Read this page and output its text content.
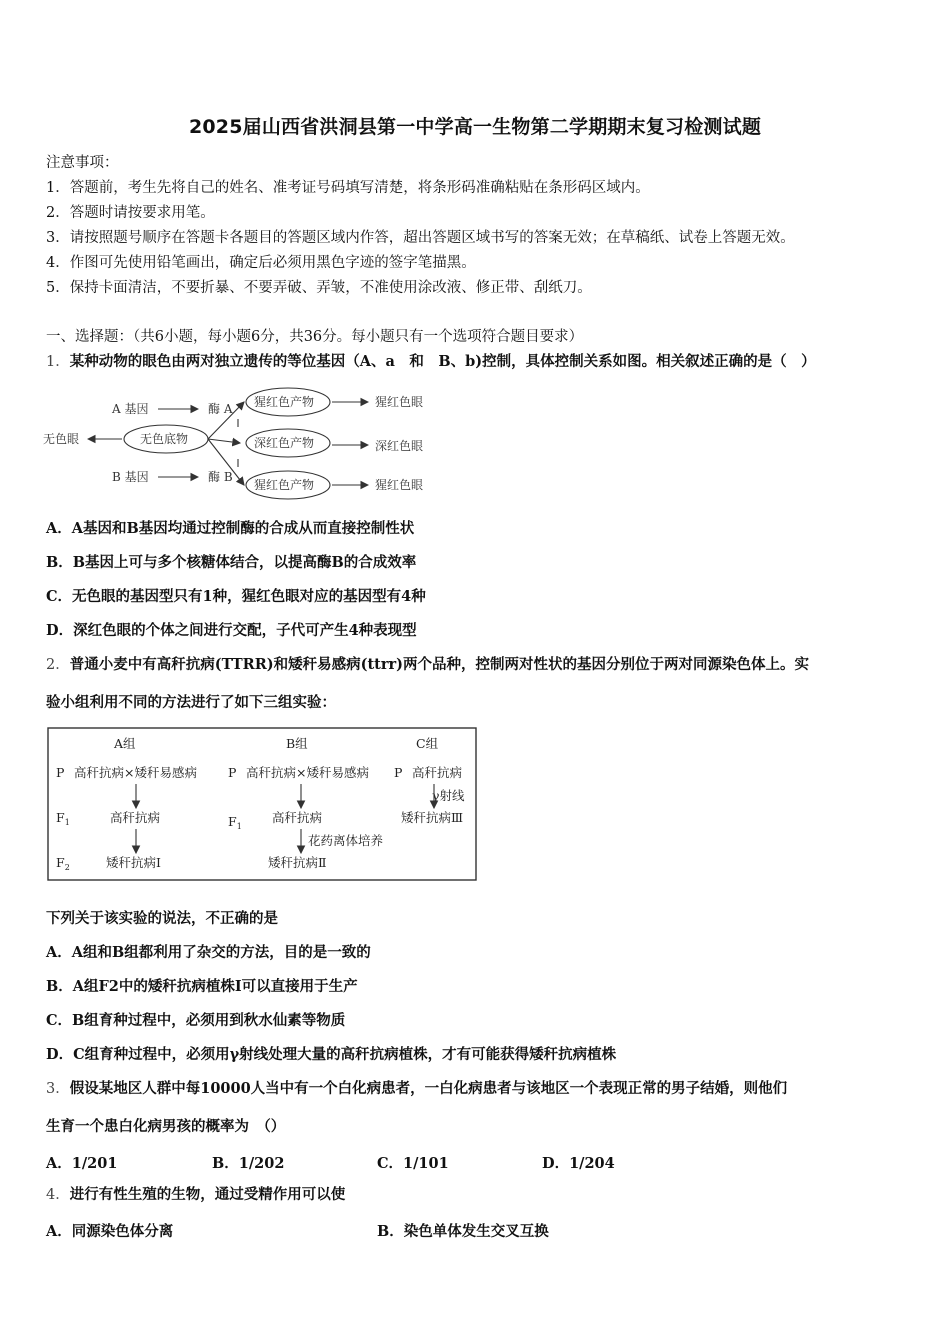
2025届山西省洪洞县第一中学高一生物第二学期期末复习检测试题
注意事项：
1．答题前，考生先将自己的姓名、准考证号码填写清楚，将条形码准确粘贴在条形码区域内。
2．答题时请按要求用笔。
3．请按照题号顺序在答题卡各题目的答题区域内作答，超出答题区域书写的答案无效；在草稿纸、试卷上答题无效。
4．作图可先使用铅笔画出，确定后必须用黑色字迹的签字笔描黑。
5．保持卡面清洁，不要折暴、不要弄破、弄皱，不准使用涂改液、修正带、刮纸刀。
一、选择题：（共6小题，每小题6分，共36分。每小题只有一个选项符合题目要求）
1．某种动物的眼色由两对独立遗传的等位基因（A、a　和　B、b)控制，具体控制关系如图。相关叙述正确的是（　）
A 基因	酶 A
B 基因	酶 B
无色眼	无色底物
猩红色产物
深红色产物
猩红色产物
猩红色眼
深红色眼
猩红色眼
A．A基因和B基因均通过控制酶的合成从而直接控制性状
B．B基因上可与多个核糖体结合，以提高酶B的合成效率
C．无色眼的基因型只有1种，猩红色眼对应的基因型有4种
D．深红色眼的个体之间进行交配，子代可产生4种表现型
2．普通小麦中有高秆抗病(TTRR)和矮秆易感病(ttrr)两个品种，控制两对性状的基因分别位于两对同源染色体上。实
验小组利用不同的方法进行了如下三组实验：
A组	B组	C组
P 高秆抗病×矮秆易感病 P 高秆抗病×矮秆易感病 P 高秆抗病
$F_1$	高秆抗病	$F_1$
高秆抗病
γ射线
矮秆抗病Ⅲ
$F_2$	矮秆抗病Ⅰ
花药离体培养
矮秆抗病Ⅱ
下列关于该实验的说法，不正确的是
A．A组和B组都利用了杂交的方法，目的是一致的
B．A组F2中的矮秆抗病植株Ⅰ可以直接用于生产
C．B组育种过程中，必须用到秋水仙素等物质
D．C组育种过程中，必须用γ射线处理大量的高秆抗病植株，才有可能获得矮秆抗病植株
3．假设某地区人群中每10000人当中有一个白化病患者，一白化病患者与该地区一个表现正常的男子结婚，则他们
生育一个患白化病男孩的概率为　（）
A．1/201	B．1/202	C．1/101	D．1/204
4．进行有性生殖的生物，通过受精作用可以使
A．同源染色体分离	B．染色单体发生交叉互换
